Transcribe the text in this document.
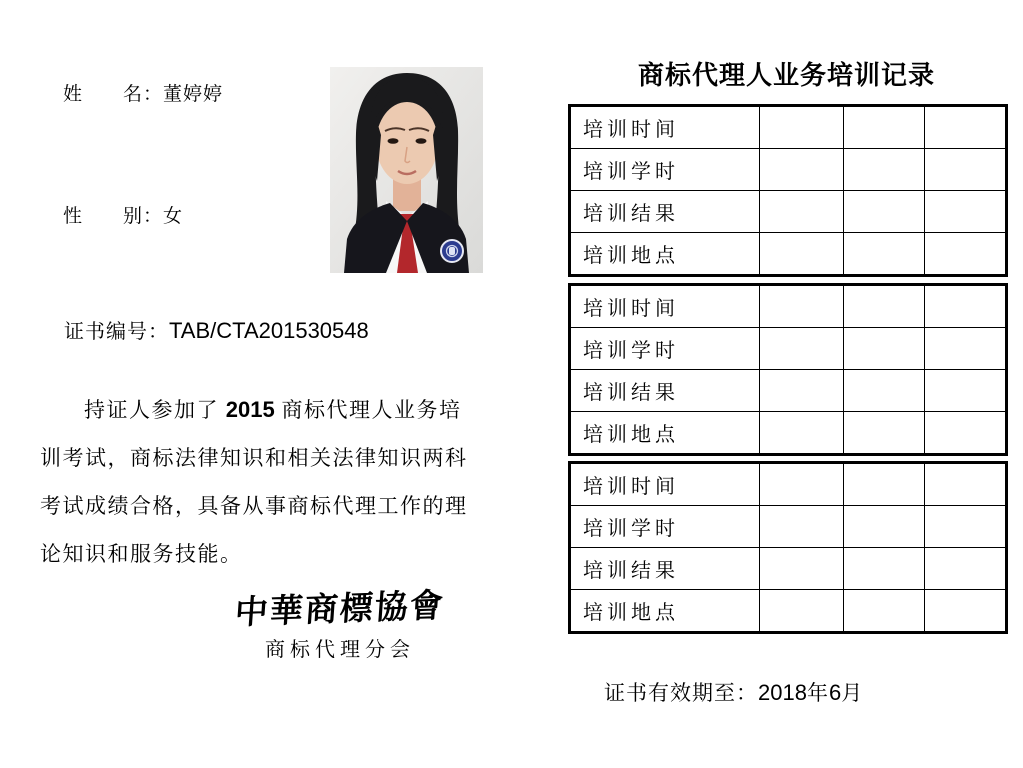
姓　　名：董婷婷

性　　别：女

证书编号：TAB/CTA201530548

持证人参加了 2015 商标代理人业务培
训考试，商标法律知识和相关法律知识两科
考试成绩合格，具备从事商标代理工作的理
论知识和服务技能。
中華商標協會
商标代理分会
商标代理人业务培训记录
培训时间			
培训学时			
培训结果			
培训地点			
培训时间			
培训学时			
培训结果			
培训地点			
培训时间			
培训学时			
培训结果			
培训地点			

证书有效期至：2018年6月
